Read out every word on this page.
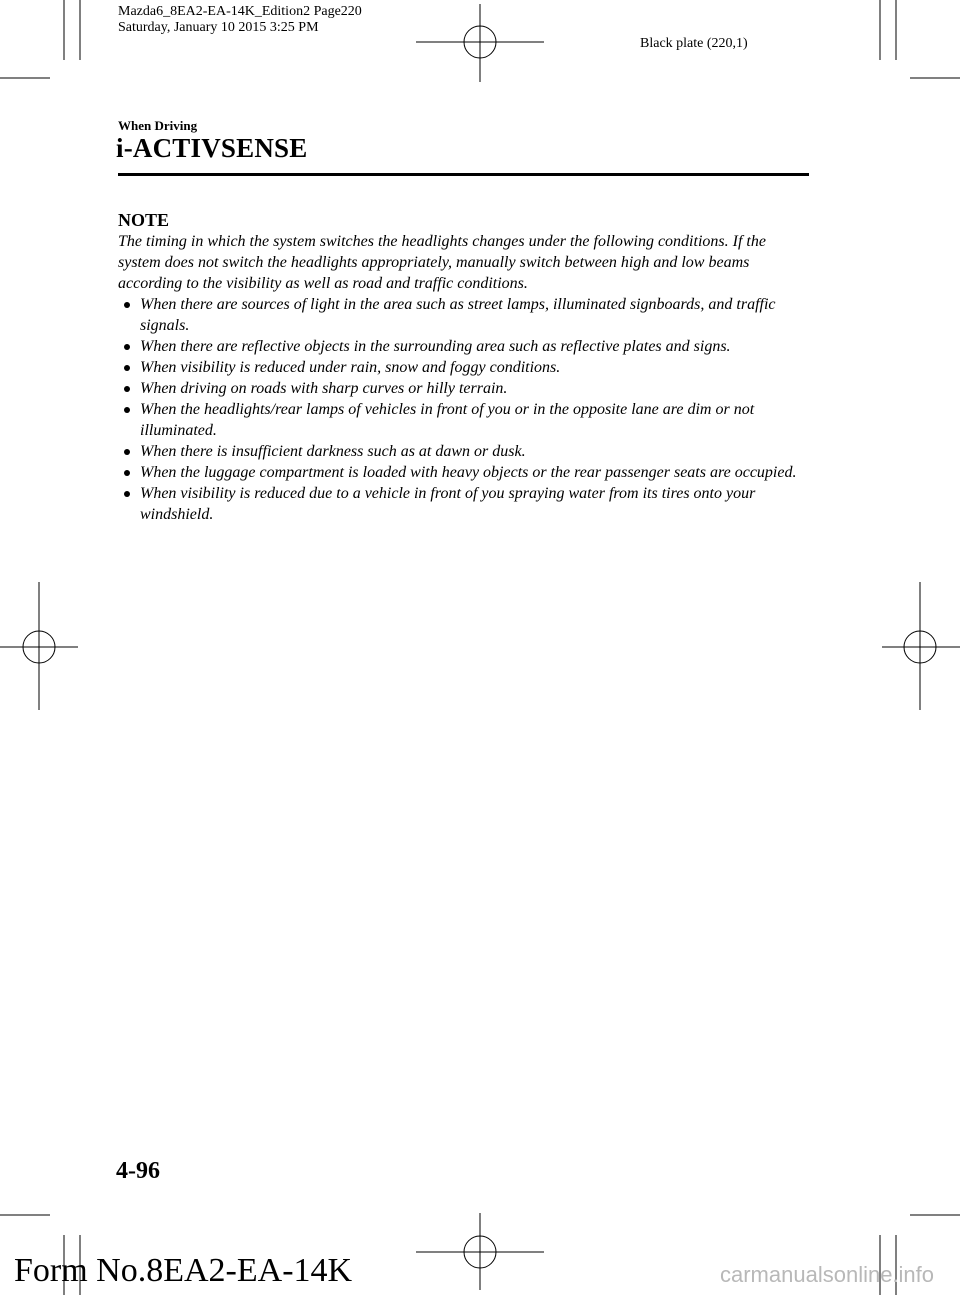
Mazda6_8EA2-EA-14K_Edition2 Page220
Saturday, January 10 2015 3:25 PM
Black plate (220,1)
When Driving
i-ACTIVSENSE
NOTE

The timing in which the system switches the headlights changes under the following conditions. If the system does not switch the headlights appropriately, manually switch between high and low beams according to the visibility as well as road and traffic conditions.

When there are sources of light in the area such as street lamps, illuminated signboards, and traffic signals.
When there are reflective objects in the surrounding area such as reflective plates and signs.
When visibility is reduced under rain, snow and foggy conditions.
When driving on roads with sharp curves or hilly terrain.
When the headlights/rear lamps of vehicles in front of you or in the opposite lane are dim or not illuminated.
When there is insufficient darkness such as at dawn or dusk.
When the luggage compartment is loaded with heavy objects or the rear passenger seats are occupied.
When visibility is reduced due to a vehicle in front of you spraying water from its tires onto your windshield.
4-96
Form No.8EA2-EA-14K	carmanualsonline.info
